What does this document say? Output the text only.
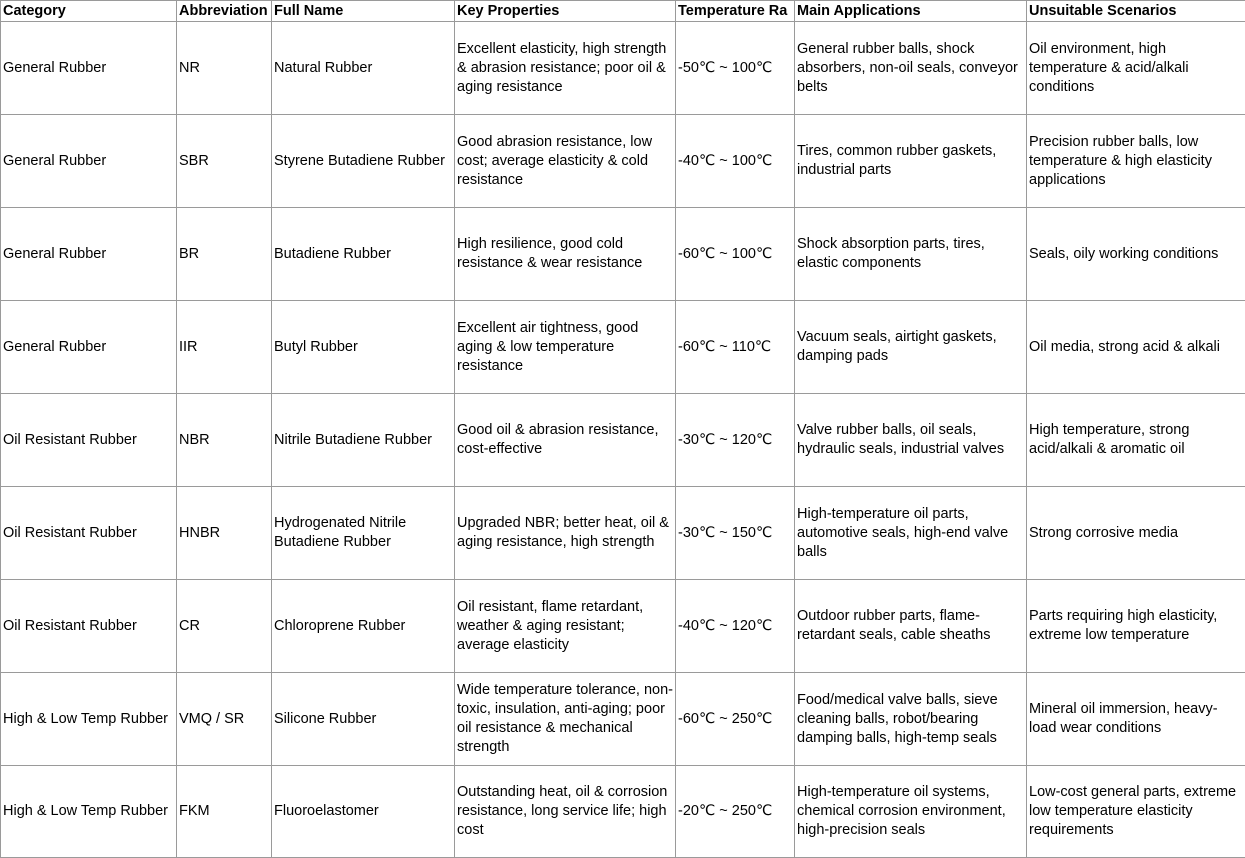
Category	Abbreviation	Full Name	Key Properties	Temperature Ra	Main Applications	Unsuitable Scenarios
General Rubber	NR	Natural Rubber	Excellent elasticity, high strength & abrasion resistance; poor oil & aging resistance	-50℃ ~ 100℃	General rubber balls, shock absorbers, non-oil seals, conveyor belts	Oil environment, high temperature & acid/alkali conditions
General Rubber	SBR	Styrene Butadiene Rubber	Good abrasion resistance, low cost; average elasticity & cold resistance	-40℃ ~ 100℃	Tires, common rubber gaskets, industrial parts	Precision rubber balls, low temperature & high elasticity applications
General Rubber	BR	Butadiene Rubber	High resilience, good cold resistance & wear resistance	-60℃ ~ 100℃	Shock absorption parts, tires, elastic components	Seals, oily working conditions
General Rubber	IIR	Butyl Rubber	Excellent air tightness, good aging & low temperature resistance	-60℃ ~ 110℃	Vacuum seals, airtight gaskets, damping pads	Oil media, strong acid & alkali
Oil Resistant Rubber	NBR	Nitrile Butadiene Rubber	Good oil & abrasion resistance, cost-effective	-30℃ ~ 120℃	Valve rubber balls, oil seals, hydraulic seals, industrial valves	High temperature, strong acid/alkali & aromatic oil
Oil Resistant Rubber	HNBR	Hydrogenated Nitrile Butadiene Rubber	Upgraded NBR; better heat, oil & aging resistance, high strength	-30℃ ~ 150℃	High-temperature oil parts, automotive seals, high-end valve balls	Strong corrosive media
Oil Resistant Rubber	CR	Chloroprene Rubber	Oil resistant, flame retardant, weather & aging resistant; average elasticity	-40℃ ~ 120℃	Outdoor rubber parts, flame-retardant seals, cable sheaths	Parts requiring high elasticity, extreme low temperature
High & Low Temp Rubber	VMQ / SR	Silicone Rubber	Wide temperature tolerance, non-toxic, insulation, anti-aging; poor oil resistance & mechanical strength	-60℃ ~ 250℃	Food/medical valve balls, sieve cleaning balls, robot/bearing damping balls, high-temp seals	Mineral oil immersion, heavy-load wear conditions
High & Low Temp Rubber	FKM	Fluoroelastomer	Outstanding heat, oil & corrosion resistance, long service life; high cost	-20℃ ~ 250℃	High-temperature oil systems, chemical corrosion environment, high-precision seals	Low-cost general parts, extreme low temperature elasticity requirements
